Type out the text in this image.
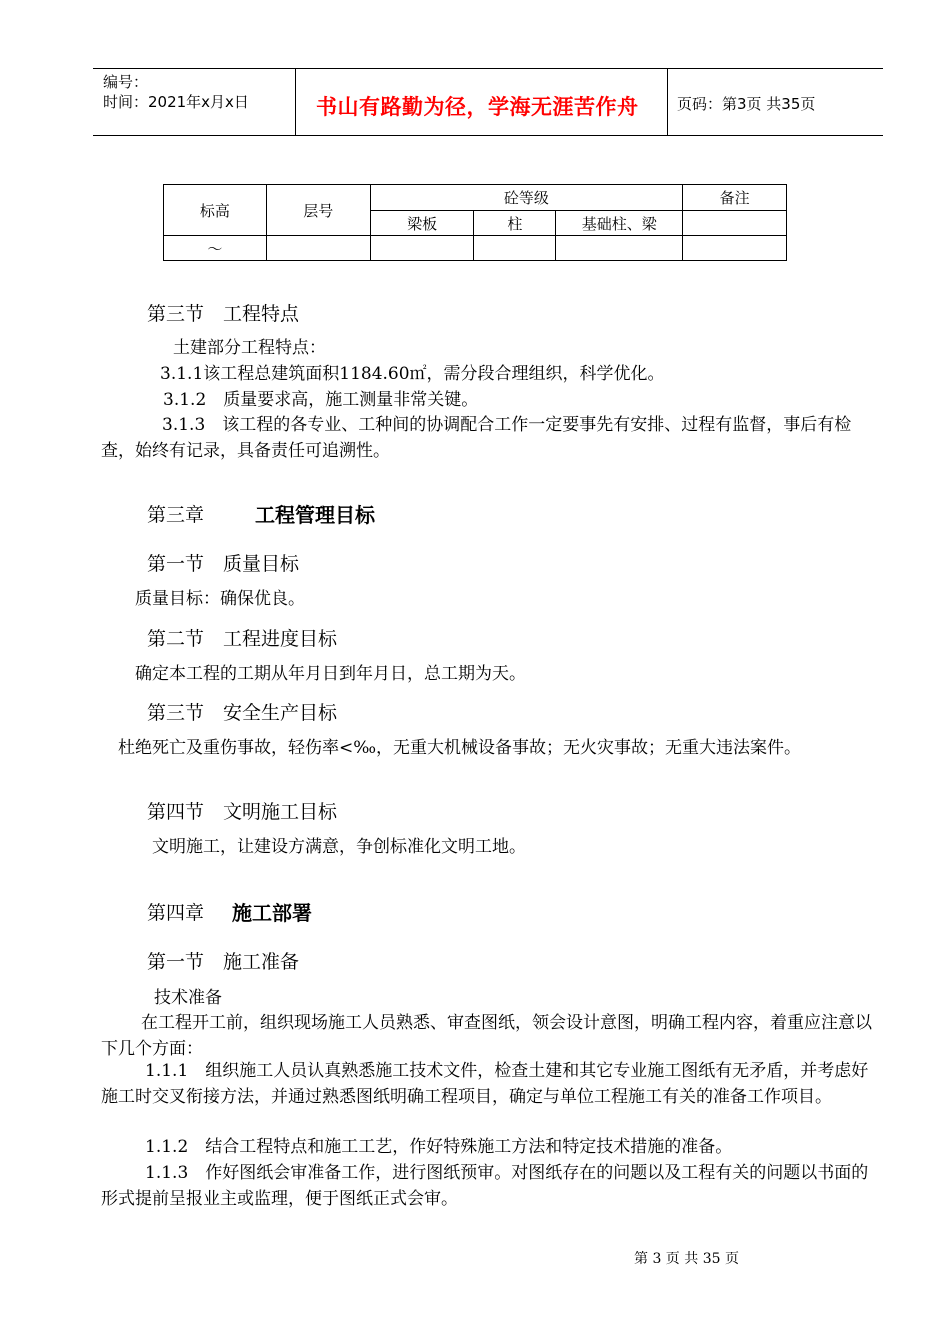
编号：
时间：2021年x月x日	书山有路勤为径，学海无涯苦作舟	页码：第3页 共35页
标高	层号	砼等级			备注
		梁板	柱	基础柱、梁	
～					
第三节　工程特点
土建部分工程特点：
3.1.1该工程总建筑面积1184.60㎡，需分段合理组织，科学优化。
3.1.2　质量要求高，施工测量非常关键。
3.1.3　该工程的各专业、工种间的协调配合工作一定要事先有安排、过程有监督，事后有检查，始终有记录，具备责任可追溯性。
第三章	工程管理目标
第一节　质量目标
质量目标：确保优良。
第二节　工程进度目标
确定本工程的工期从年月日到年月日，总工期为天。
第三节　安全生产目标
杜绝死亡及重伤事故，轻伤率<‰，无重大机械设备事故；无火灾事故；无重大违法案件。
第四节　文明施工目标
文明施工，让建设方满意，争创标准化文明工地。
第四章 施工部署
第一节　施工准备
技术准备
在工程开工前，组织现场施工人员熟悉、审查图纸，领会设计意图，明确工程内容，着重应注意以下几个方面：
1.1.1　组织施工人员认真熟悉施工技术文件，检查土建和其它专业施工图纸有无矛盾，并考虑好施工时交叉衔接方法，并通过熟悉图纸明确工程项目，确定与单位工程施工有关的准备工作项目。
1.1.2　结合工程特点和施工工艺，作好特殊施工方法和特定技术措施的准备。
1.1.3　作好图纸会审准备工作，进行图纸预审。对图纸存在的问题以及工程有关的问题以书面的形式提前呈报业主或监理，便于图纸正式会审。
第 3 页 共 35 页
